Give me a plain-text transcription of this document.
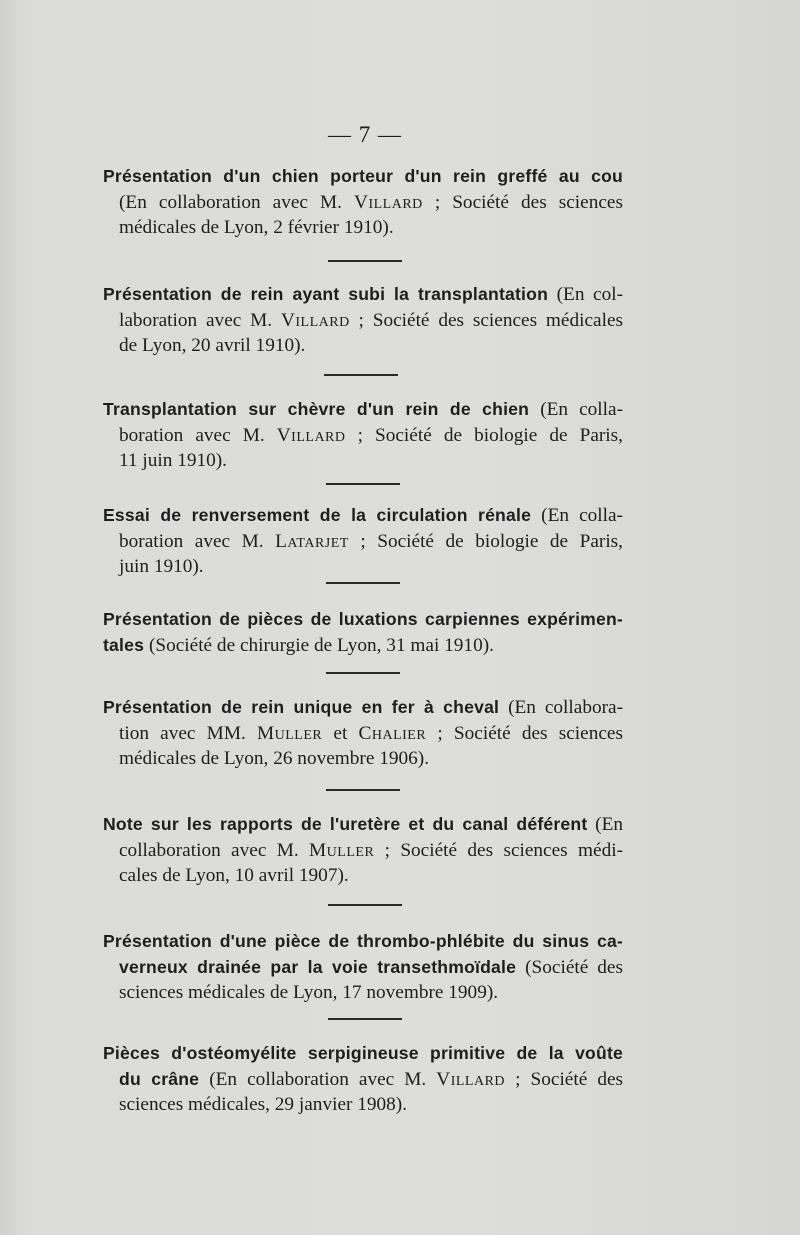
— 7 —
Présentation d'un chien porteur d'un rein greffé au cou
(En collaboration avec M. Villard ; Société des sciences
médicales de Lyon, 2 février 1910).
Présentation de rein ayant subi la transplantation (En col-
laboration avec M. Villard ; Société des sciences médicales
de Lyon, 20 avril 1910).
Transplantation sur chèvre d'un rein de chien (En colla-
boration avec M. Villard ; Société de biologie de Paris,
11 juin 1910).
Essai de renversement de la circulation rénale (En colla-
boration avec M. Latarjet ; Société de biologie de Paris,
juin 1910).
Présentation de pièces de luxations carpiennes expérimen-
tales (Société de chirurgie de Lyon, 31 mai 1910).
Présentation de rein unique en fer à cheval (En collabora-
tion avec MM. Muller et Chalier ; Société des sciences
médicales de Lyon, 26 novembre 1906).
Note sur les rapports de l'uretère et du canal déférent (En
collaboration avec M. Muller ; Société des sciences médi-
cales de Lyon, 10 avril 1907).
Présentation d'une pièce de thrombo-phlébite du sinus ca-
verneux drainée par la voie transethmoïdale (Société des
sciences médicales de Lyon, 17 novembre 1909).
Pièces d'ostéomyélite serpigineuse primitive de la voûte
du crâne (En collaboration avec M. Villard ; Société des
sciences médicales, 29 janvier 1908).
